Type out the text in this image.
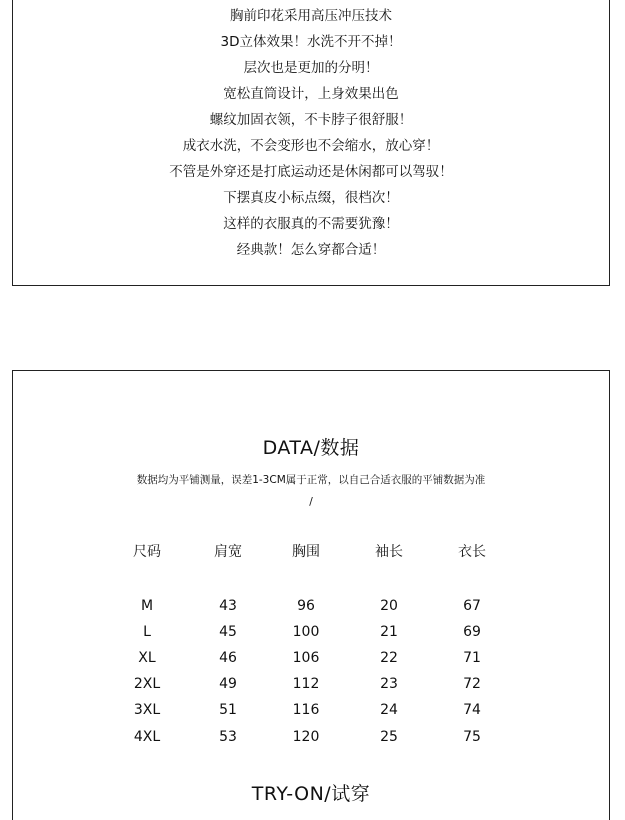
胸前印花采用高压冲压技术
3D立体效果！水洗不开不掉！
层次也是更加的分明！
宽松直筒设计，上身效果出色
螺纹加固衣领，不卡脖子很舒服！
成衣水洗，不会变形也不会缩水，放心穿！
不管是外穿还是打底运动还是休闲都可以驾驭！
下摆真皮小标点缀，很档次！
这样的衣服真的不需要犹豫！
经典款！怎么穿都合适！
DATA/数据
数据均为平铺测量，误差1-3CM属于正常，以自己合适衣服的平铺数据为准
/
尺码	肩宽	胸围	袖长	衣长
M	43	96	20	67
L	45	100	21	69
XL	46	106	22	71
2XL	49	112	23	72
3XL	51	116	24	74
4XL	53	120	25	75
TRY-ON/试穿
